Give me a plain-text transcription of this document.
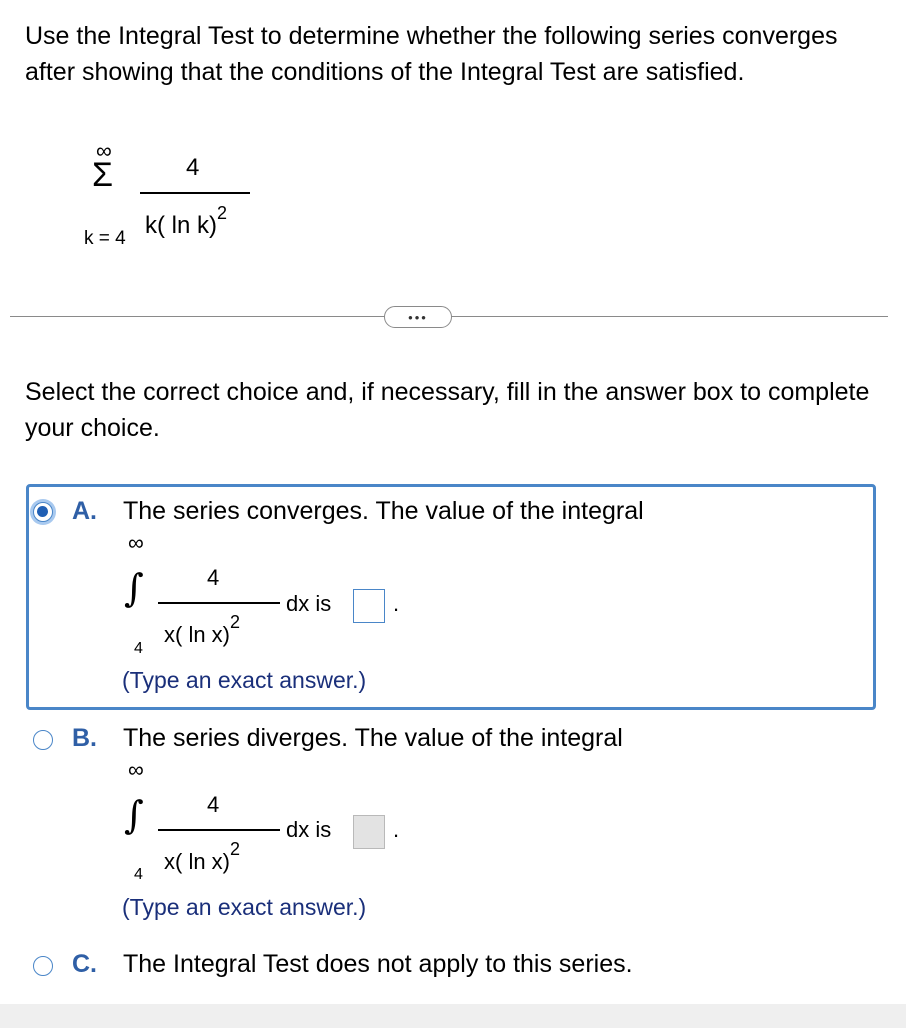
Use the Integral Test to determine whether the following series converges after showing that the conditions of the Integral Test are satisfied.
∞
Σ
k = 4
4
k( ln k)$^2$
•••
Select the correct choice and, if necessary, fill in the answer box to complete your choice.
A. The series converges. The value of the integral
∞
∫
4
4
x( ln x)$^2$
dx is	.
(Type an exact answer.)
B. The series diverges. The value of the integral
∞
∫
4
4
x( ln x)$^2$
dx is	.
(Type an exact answer.)
C. The Integral Test does not apply to this series.
